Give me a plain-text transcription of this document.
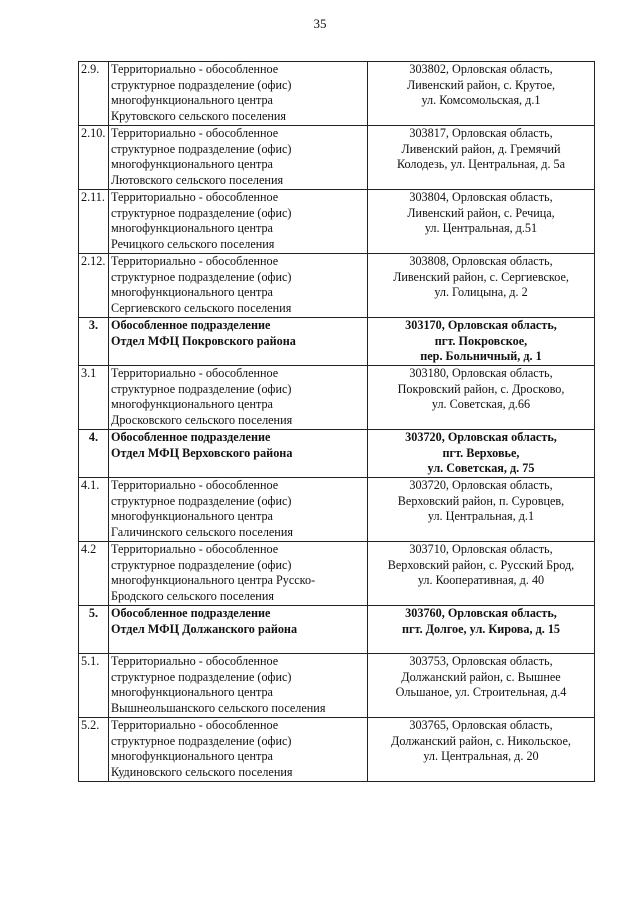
35
2.9.	Территориально - обособленное
структурное подразделение (офис)
многофункционального центра
Крутовского сельского поселения	303802, Орловская область,
Ливенский район, с. Крутое,
ул. Комсомольская, д.1

2.10.	Территориально - обособленное
структурное подразделение (офис)
многофункционального центра
Лютовского сельского поселения	303817, Орловская область,
Ливенский район, д. Гремячий
Колодезь, ул. Центральная, д. 5а

2.11.	Территориально - обособленное
структурное подразделение (офис)
многофункционального центра
Речицкого сельского поселения	303804, Орловская область,
Ливенский район, с. Речица,
ул. Центральная, д.51

2.12.	Территориально - обособленное
структурное подразделение (офис)
многофункционального центра
Сергиевского сельского поселения	303808, Орловская область,
Ливенский район, с. Сергиевское,
ул. Голицына, д. 2

3.	Обособленное подразделение
Отдел МФЦ Покровского района	303170, Орловская область,
пгт. Покровское,
пер. Больничный, д. 1

3.1	Территориально - обособленное
структурное подразделение (офис)
многофункционального центра
Дросковского сельского поселения	303180, Орловская область,
Покровский район, с. Дросково,
ул. Советская, д.66

4.	Обособленное подразделение
Отдел МФЦ Верховского района	303720, Орловская область,
пгт. Верховье,
ул. Советская, д. 75

4.1.	Территориально - обособленное
структурное подразделение (офис)
многофункционального центра
Галичинского сельского поселения	303720, Орловская область,
Верховский район, п. Суровцев,
ул. Центральная, д.1

4.2	Территориально - обособленное
структурное подразделение (офис)
многофункционального центра Русско-
Бродского сельского поселения	303710, Орловская область,
Верховский район, с. Русский Брод,
ул. Кооперативная, д. 40

5.	Обособленное подразделение
Отдел МФЦ Должанского района	303760, Орловская область,
пгт. Долгое, ул. Кирова, д. 15

5.1.	Территориально - обособленное
структурное подразделение (офис)
многофункционального центра
Вышнеольшанского сельского поселения	303753, Орловская область,
Должанский район, с. Вышнее
Ольшаное, ул. Строительная, д.4

5.2.	Территориально - обособленное
структурное подразделение (офис)
многофункционального центра
Кудиновского сельского поселения	303765, Орловская область,
Должанский район, с. Никольское,
ул. Центральная, д. 20
